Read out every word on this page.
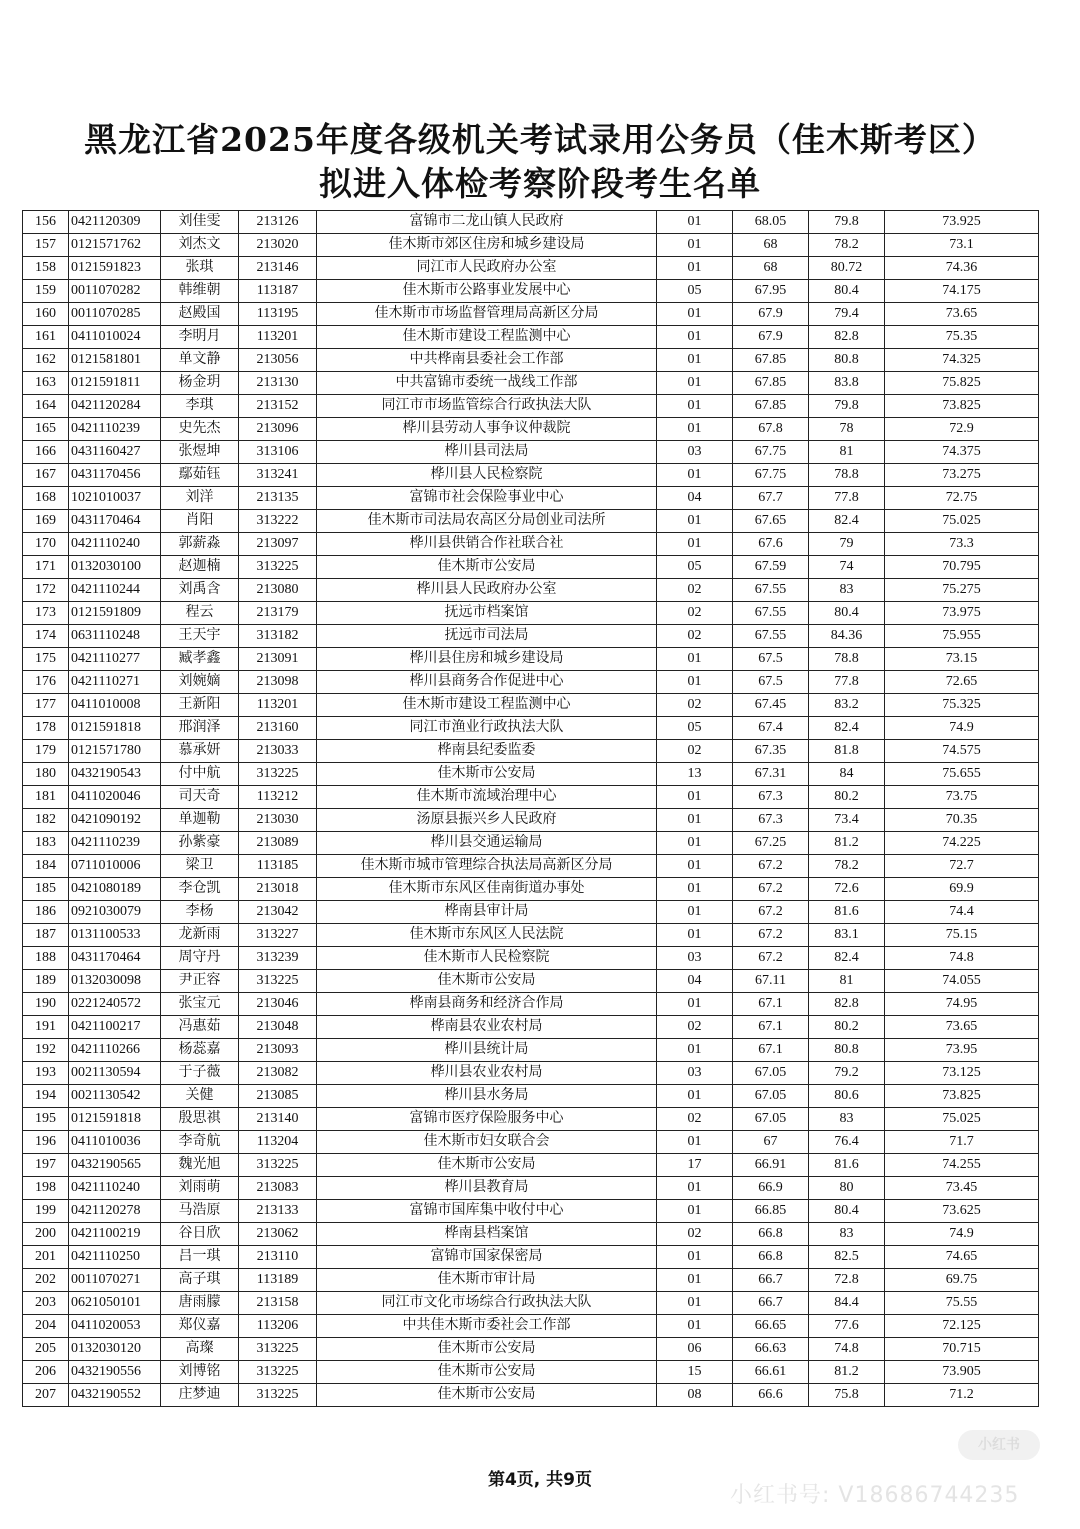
黑龙江省2025年度各级机关考试录用公务员（佳木斯考区）
拟进入体检考察阶段考生名单
156	0421120309	刘佳雯	213126	富锦市二龙山镇人民政府	01	68.05	79.8	73.925
157	0121571762	刘杰文	213020	佳木斯市郊区住房和城乡建设局	01	68	78.2	73.1
158	0121591823	张琪	213146	同江市人民政府办公室	01	68	80.72	74.36
159	0011070282	韩维朝	113187	佳木斯市公路事业发展中心	05	67.95	80.4	74.175
160	0011070285	赵殿国	113195	佳木斯市市场监督管理局高新区分局	01	67.9	79.4	73.65
161	0411010024	李明月	113201	佳木斯市建设工程监测中心	01	67.9	82.8	75.35
162	0121581801	单文静	213056	中共桦南县委社会工作部	01	67.85	80.8	74.325
163	0121591811	杨金玥	213130	中共富锦市委统一战线工作部	01	67.85	83.8	75.825
164	0421120284	李琪	213152	同江市市场监管综合行政执法大队	01	67.85	79.8	73.825
165	0421110239	史先杰	213096	桦川县劳动人事争议仲裁院	01	67.8	78	72.9
166	0431160427	张煜坤	313106	桦川县司法局	03	67.75	81	74.375
167	0431170456	鄢茹钰	313241	桦川县人民检察院	01	67.75	78.8	73.275
168	1021010037	刘洋	213135	富锦市社会保险事业中心	04	67.7	77.8	72.75
169	0431170464	肖阳	313222	佳木斯市司法局农高区分局创业司法所	01	67.65	82.4	75.025
170	0421110240	郭薪淼	213097	桦川县供销合作社联合社	01	67.6	79	73.3
171	0132030100	赵迦楠	313225	佳木斯市公安局	05	67.59	74	70.795
172	0421110244	刘禹含	213080	桦川县人民政府办公室	02	67.55	83	75.275
173	0121591809	程云	213179	抚远市档案馆	02	67.55	80.4	73.975
174	0631110248	王天宇	313182	抚远市司法局	02	67.55	84.36	75.955
175	0421110277	臧孝鑫	213091	桦川县住房和城乡建设局	01	67.5	78.8	73.15
176	0421110271	刘婉嫡	213098	桦川县商务合作促进中心	01	67.5	77.8	72.65
177	0411010008	王新阳	113201	佳木斯市建设工程监测中心	02	67.45	83.2	75.325
178	0121591818	邢润泽	213160	同江市渔业行政执法大队	05	67.4	82.4	74.9
179	0121571780	慕承妍	213033	桦南县纪委监委	02	67.35	81.8	74.575
180	0432190543	付中航	313225	佳木斯市公安局	13	67.31	84	75.655
181	0411020046	司天奇	113212	佳木斯市流域治理中心	01	67.3	80.2	73.75
182	0421090192	单迦勒	213030	汤原县振兴乡人民政府	01	67.3	73.4	70.35
183	0421110239	孙紫豪	213089	桦川县交通运输局	01	67.25	81.2	74.225
184	0711010006	梁卫	113185	佳木斯市城市管理综合执法局高新区分局	01	67.2	78.2	72.7
185	0421080189	李仓凯	213018	佳木斯市东风区佳南街道办事处	01	67.2	72.6	69.9
186	0921030079	李杨	213042	桦南县审计局	01	67.2	81.6	74.4
187	0131100533	龙新雨	313227	佳木斯市东风区人民法院	01	67.2	83.1	75.15
188	0431170464	周守丹	313239	佳木斯市人民检察院	03	67.2	82.4	74.8
189	0132030098	尹正容	313225	佳木斯市公安局	04	67.11	81	74.055
190	0221240572	张宝元	213046	桦南县商务和经济合作局	01	67.1	82.8	74.95
191	0421100217	冯惠茹	213048	桦南县农业农村局	02	67.1	80.2	73.65
192	0421110266	杨蕊嘉	213093	桦川县统计局	01	67.1	80.8	73.95
193	0021130594	于子薇	213082	桦川县农业农村局	03	67.05	79.2	73.125
194	0021130542	关健	213085	桦川县水务局	01	67.05	80.6	73.825
195	0121591818	殷思祺	213140	富锦市医疗保险服务中心	02	67.05	83	75.025
196	0411010036	李奇航	113204	佳木斯市妇女联合会	01	67	76.4	71.7
197	0432190565	魏光旭	313225	佳木斯市公安局	17	66.91	81.6	74.255
198	0421110240	刘雨萌	213083	桦川县教育局	01	66.9	80	73.45
199	0421120278	马浩原	213133	富锦市国库集中收付中心	01	66.85	80.4	73.625
200	0421100219	谷日欣	213062	桦南县档案馆	02	66.8	83	74.9
201	0421110250	吕一琪	213110	富锦市国家保密局	01	66.8	82.5	74.65
202	0011070271	高子琪	113189	佳木斯市审计局	01	66.7	72.8	69.75
203	0621050101	唐雨朦	213158	同江市文化市场综合行政执法大队	01	66.7	84.4	75.55
204	0411020053	郑仪嘉	113206	中共佳木斯市委社会工作部	01	66.65	77.6	72.125
205	0132030120	高璨	313225	佳木斯市公安局	06	66.63	74.8	70.715
206	0432190556	刘博铭	313225	佳木斯市公安局	15	66.61	81.2	73.905
207	0432190552	庄梦迪	313225	佳木斯市公安局	08	66.6	75.8	71.2
第4页, 共9页
小红书
小红书号: V18686744235
